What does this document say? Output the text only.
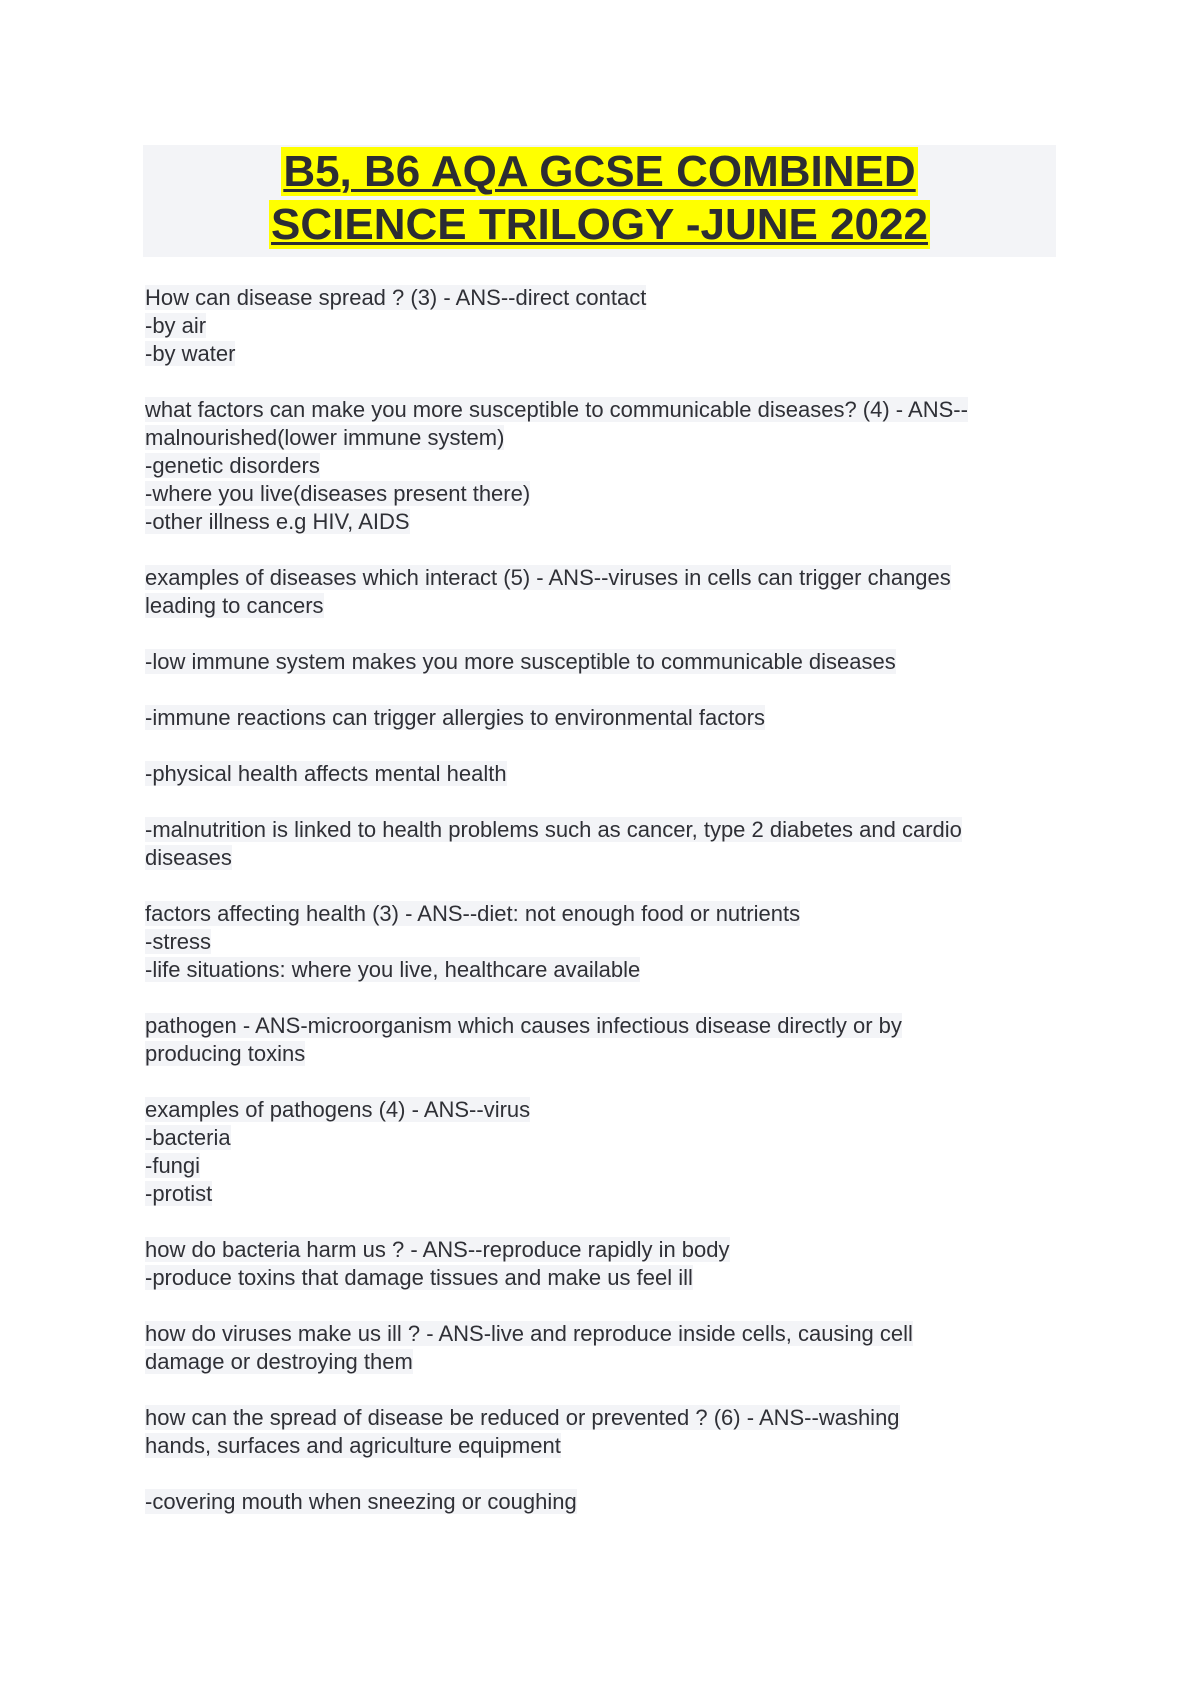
B5, B6 AQA GCSE COMBINED
SCIENCE TRILOGY -JUNE 2022
How can disease spread ? (3) - ANS--direct contact
-by air
-by water
what factors can make you more susceptible to communicable diseases? (4) - ANS--
malnourished(lower immune system)
-genetic disorders
-where you live(diseases present there)
-other illness e.g HIV, AIDS
examples of diseases which interact (5) - ANS--viruses in cells can trigger changes
leading to cancers
-low immune system makes you more susceptible to communicable diseases
-immune reactions can trigger allergies to environmental factors
-physical health affects mental health
-malnutrition is linked to health problems such as cancer, type 2 diabetes and cardio
diseases
factors affecting health (3) - ANS--diet: not enough food or nutrients
-stress
-life situations: where you live, healthcare available
pathogen - ANS-microorganism which causes infectious disease directly or by
producing toxins
examples of pathogens (4) - ANS--virus
-bacteria
-fungi
-protist
how do bacteria harm us ? - ANS--reproduce rapidly in body
-produce toxins that damage tissues and make us feel ill
how do viruses make us ill ? - ANS-live and reproduce inside cells, causing cell
damage or destroying them
how can the spread of disease be reduced or prevented ? (6) - ANS--washing
hands, surfaces and agriculture equipment
-covering mouth when sneezing or coughing
